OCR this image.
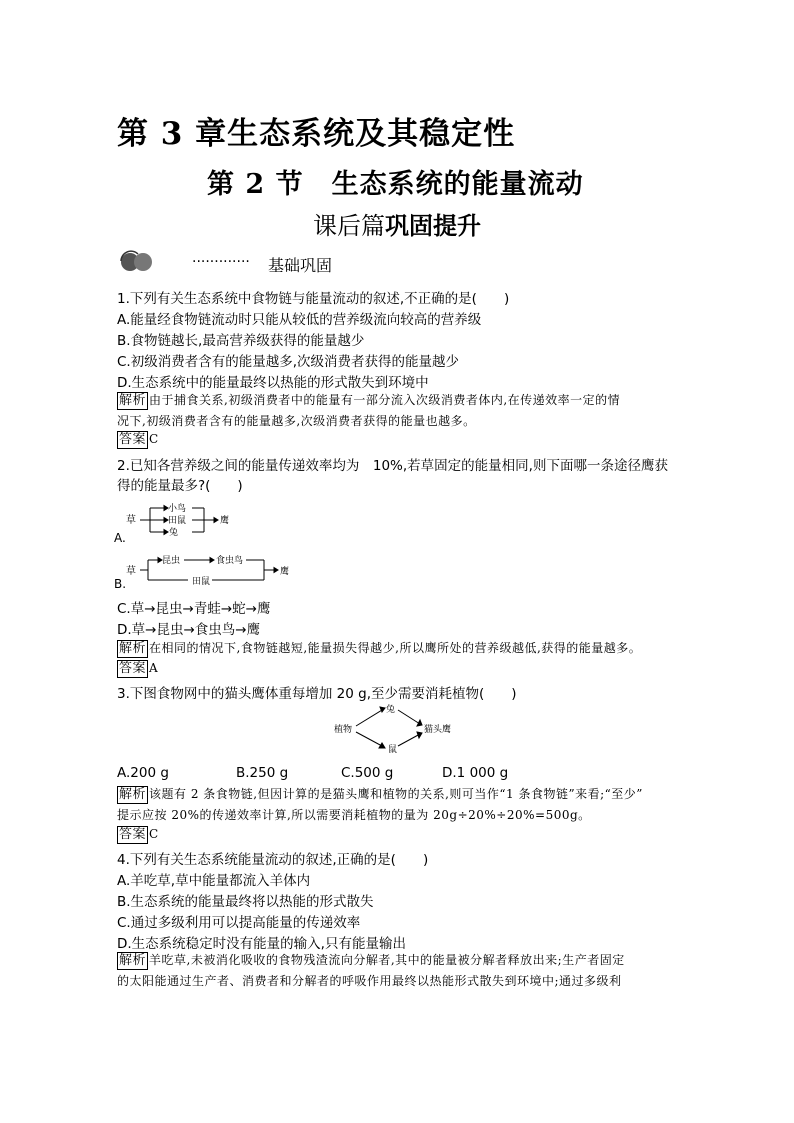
第 3 章生态系统及其稳定性
第 2 节　生态系统的能量流动
课后篇巩固提升
············· 基础巩固
1.下列有关生态系统中食物链与能量流动的叙述,不正确的是(　　)
A.能量经食物链流动时只能从较低的营养级流向较高的营养级
B.食物链越长,最高营养级获得的能量越少
C.初级消费者含有的能量越多,次级消费者获得的能量越少
D.生态系统中的能量最终以热能的形式散失到环境中
解析 由于捕食关系,初级消费者中的能量有一部分流入次级消费者体内,在传递效率一定的情
况下,初级消费者含有的能量越多,次级消费者获得的能量也越多。
答案 C
2.已知各营养级之间的能量传递效率均为　10%,若草固定的能量相同,则下面哪一条途径鹰获
得的能量最多?(　　)
草
小鸟
田鼠
兔
鹰
A.
草
昆虫	食虫鸟
田鼠
鹰
B.
C.草→昆虫→青蛙→蛇→鹰
D.草→昆虫→食虫鸟→鹰
解析 在相同的情况下,食物链越短,能量损失得越少,所以鹰所处的营养级越低,获得的能量越多。
答案 A
3.下图食物网中的猫头鹰体重每增加 20 g,至少需要消耗植物(　　)
植物
兔
鼠
猫头鹰
A.200 g	B.250 g	C.500 g	D.1 000 g
解析 该题有 2 条食物链,但因计算的是猫头鹰和植物的关系,则可当作“1 条食物链”来看;“至少”
提示应按 20%的传递效率计算,所以需要消耗植物的量为 20g÷20%÷20%=500g。
答案 C
4.下列有关生态系统能量流动的叙述,正确的是(　　)
A.羊吃草,草中能量都流入羊体内
B.生态系统的能量最终将以热能的形式散失
C.通过多级利用可以提高能量的传递效率
D.生态系统稳定时没有能量的输入,只有能量输出
解析 羊吃草,未被消化吸收的食物残渣流向分解者,其中的能量被分解者释放出来;生产者固定
的太阳能通过生产者、消费者和分解者的呼吸作用最终以热能形式散失到环境中;通过多级利
